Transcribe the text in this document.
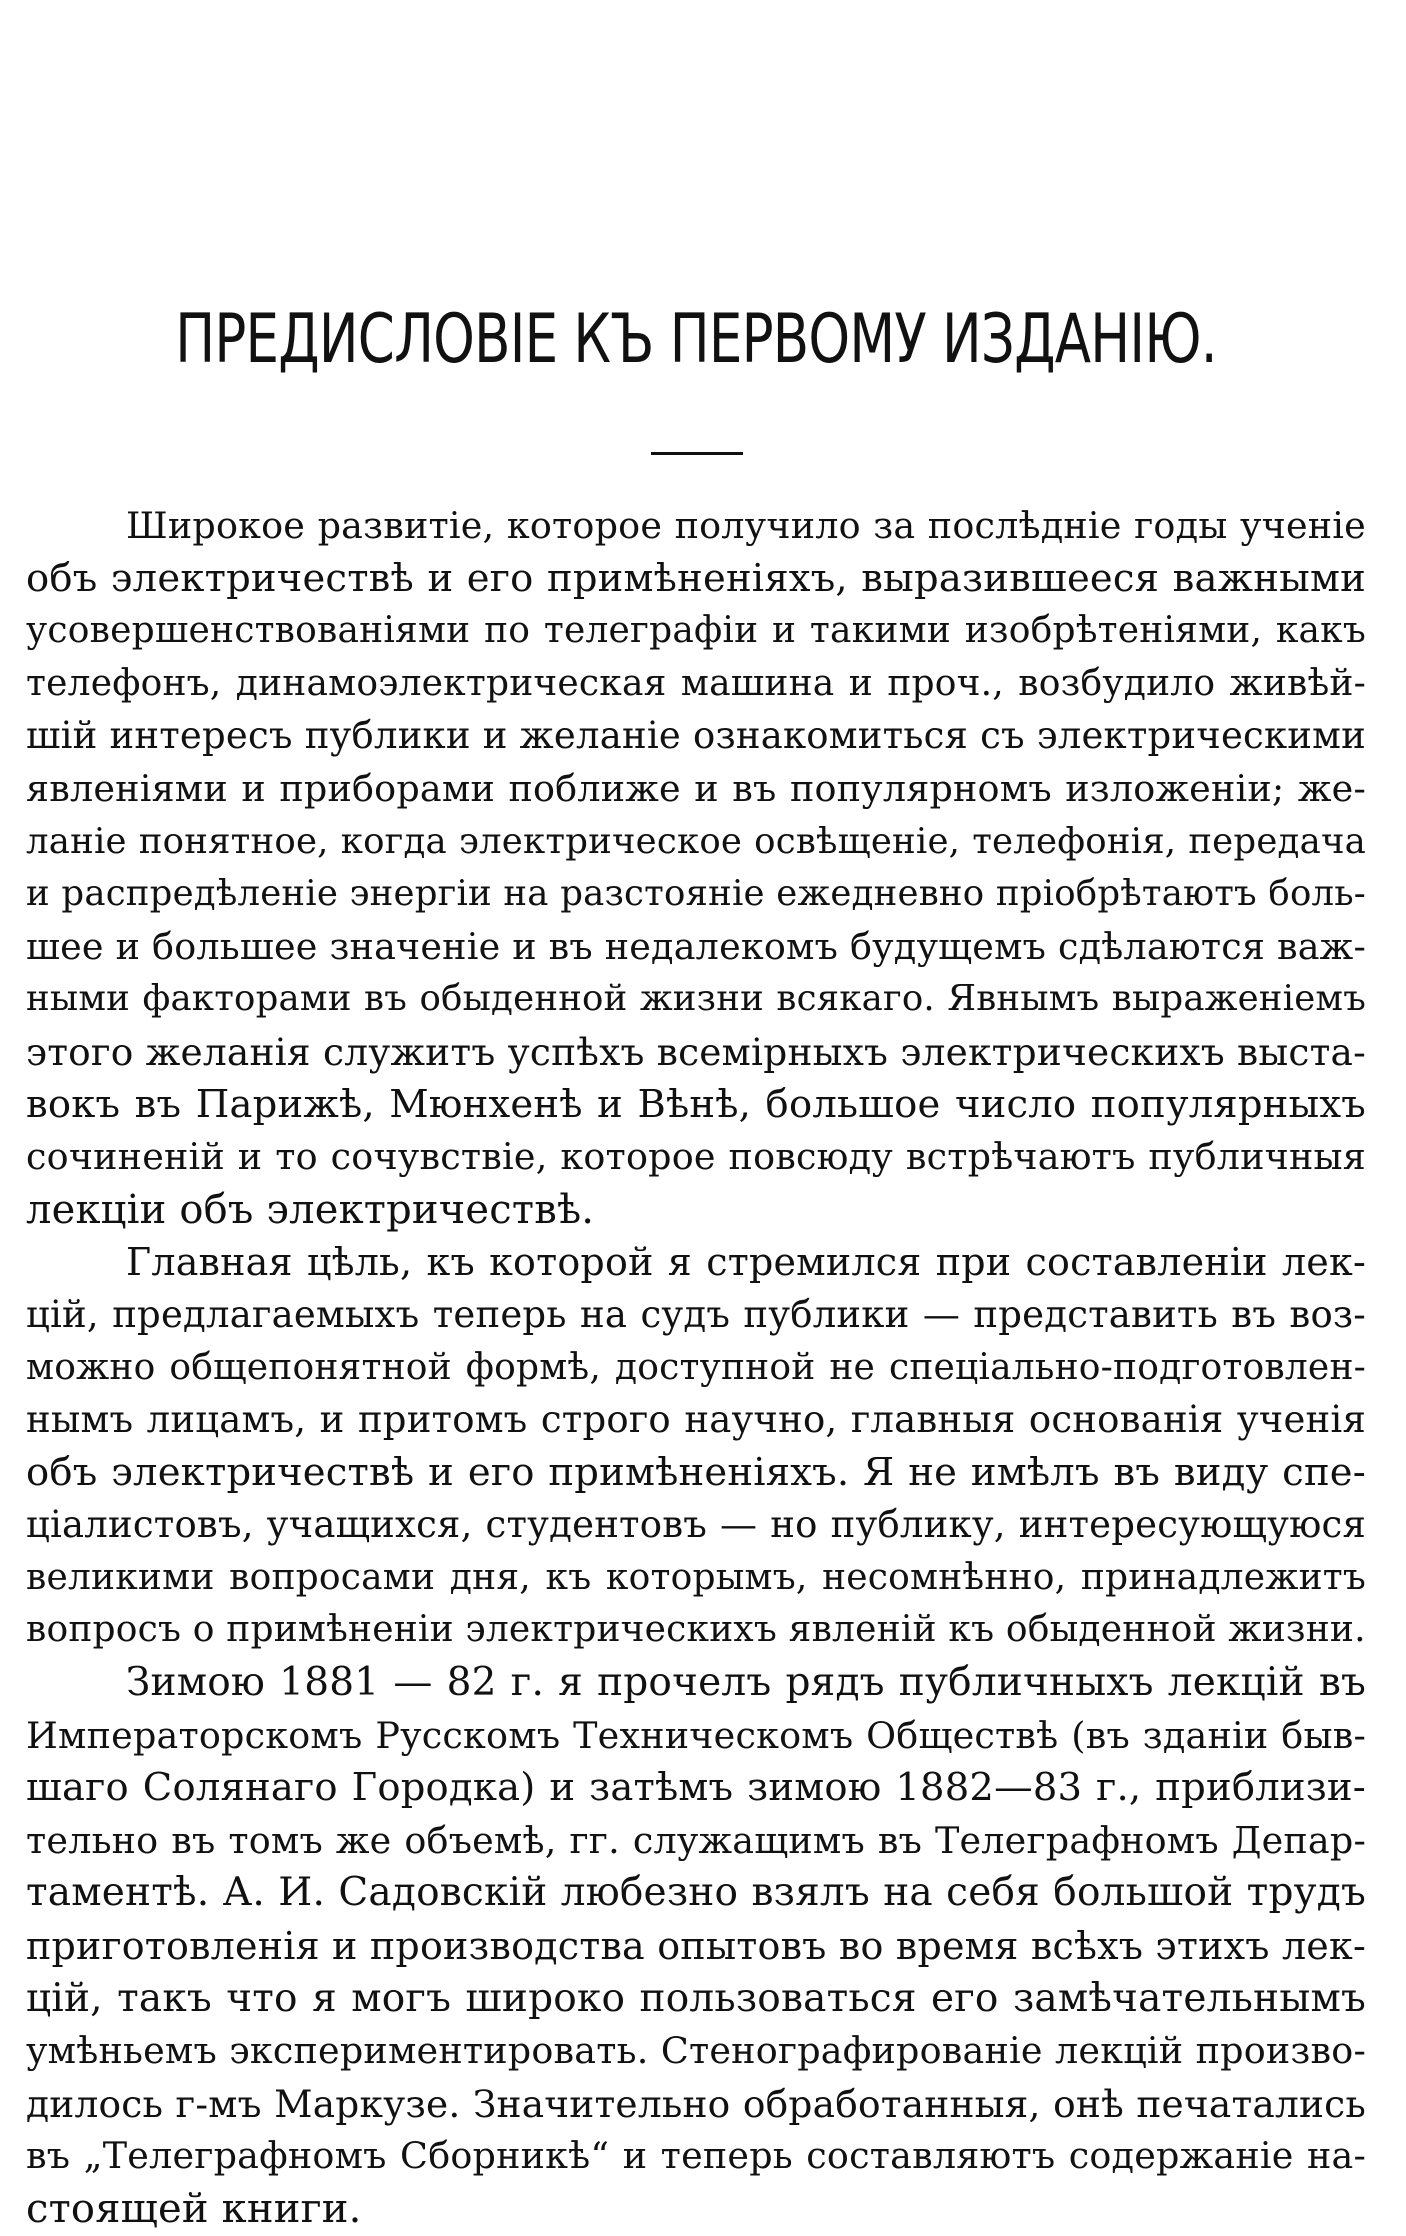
ПРЕДИСЛОВІЕ КЪ ПЕРВОМУ ИЗДАНІЮ.
Широкое развитіе, которое получило за послѣдніе годы ученіе
объ электричествѣ и его примѣненіяхъ, выразившееся важными
усовершенствованіями по телеграфіи и такими изобрѣтеніями, какъ
телефонъ, динамоэлектрическая машина и проч., возбудило живѣй-
шій интересъ публики и желаніе ознакомиться съ электрическими
явленіями и приборами поближе и въ популярномъ изложеніи; же-
ланіе понятное, когда электрическое освѣщеніе, телефонія, передача
и распредѣленіе энергіи на разстояніе ежедневно пріобрѣтаютъ боль-
шее и большее значеніе и въ недалекомъ будущемъ сдѣлаются важ-
ными факторами въ обыденной жизни всякаго. Явнымъ выраженіемъ
этого желанія служитъ успѣхъ всемірныхъ электрическихъ выста-
вокъ въ Парижѣ, Мюнхенѣ и Вѣнѣ, большое число популярныхъ
сочиненій и то сочувствіе, которое повсюду встрѣчаютъ публичныя
лекціи объ электричествѣ.
Главная цѣль, къ которой я стремился при составленіи лек-
цій, предлагаемыхъ теперь на судъ публики — представить въ воз-
можно общепонятной формѣ, доступной не спеціально-подготовлен-
нымъ лицамъ, и притомъ строго научно, главныя основанія ученія
объ электричествѣ и его примѣненіяхъ. Я не имѣлъ въ виду спе-
ціалистовъ, учащихся, студентовъ — но публику, интересующуюся
великими вопросами дня, къ которымъ, несомнѣнно, принадлежитъ
вопросъ о примѣненіи электрическихъ явленій къ обыденной жизни.
Зимою 1881 — 82 г. я прочелъ рядъ публичныхъ лекцій въ
Императорскомъ Русскомъ Техническомъ Обществѣ (въ зданіи быв-
шаго Солянаго Городка) и затѣмъ зимою 1882—83 г., приблизи-
тельно въ томъ же объемѣ, гг. служащимъ въ Телеграфномъ Депар-
таментѣ. А. И. Садовскій любезно взялъ на себя большой трудъ
приготовленія и производства опытовъ во время всѣхъ этихъ лек-
цій, такъ что я могъ широко пользоваться его замѣчательнымъ
умѣньемъ экспериментировать. Стенографированіе лекцій произво-
дилось г-мъ Маркузе. Значительно обработанныя, онѣ печатались
въ „Телеграфномъ Сборникѣ“ и теперь составляютъ содержаніе на-
стоящей книги.
